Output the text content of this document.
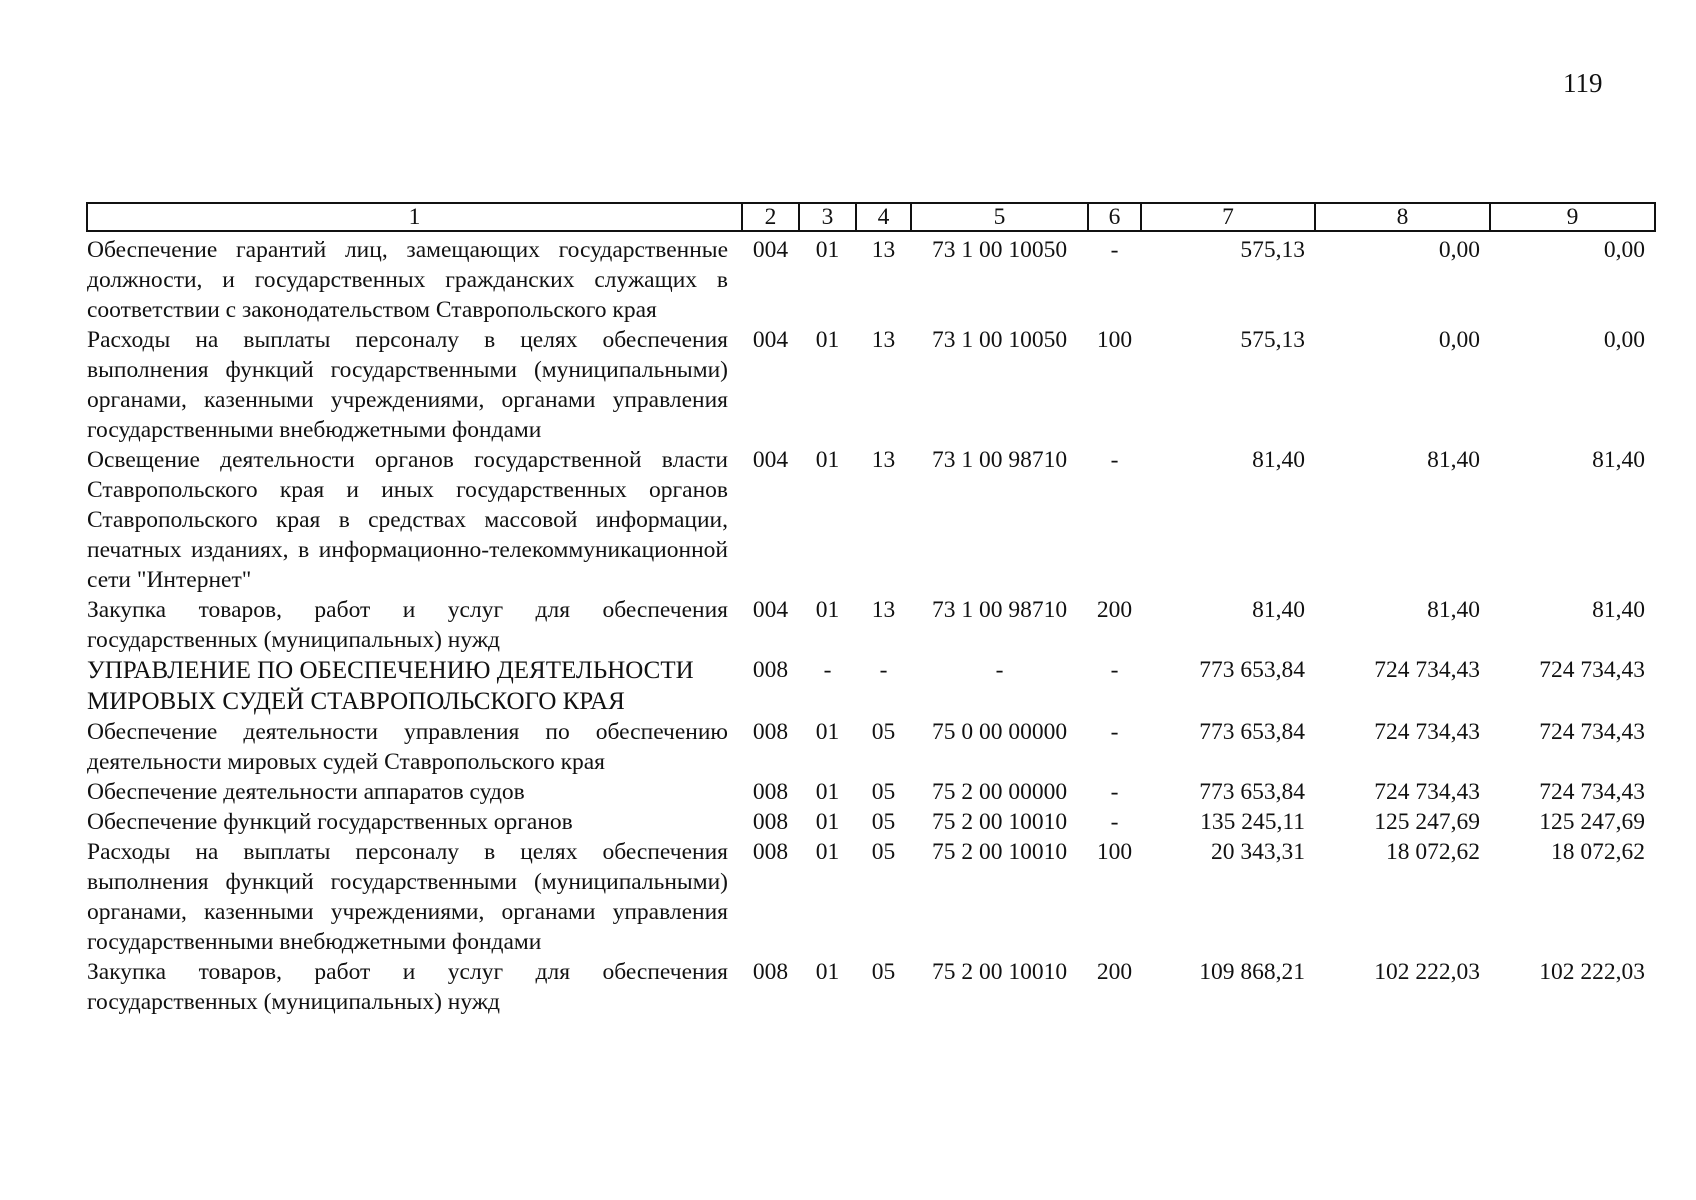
119
1	2	3	4	5	6	7	8	9
Обеспечение гарантий лиц, замещающих государственные должности, и государственных гражданских служащих в соответствии с законодательством Ставропольского края	004	01	13	73 1 00 10050	-	575,13	0,00	0,00
Расходы на выплаты персоналу в целях обеспечения выполнения функций государственными (муниципальными) органами, казенными учреждениями, органами управления государственными внебюджетными фондами	004	01	13	73 1 00 10050	100	575,13	0,00	0,00
Освещение деятельности органов государственной власти Ставропольского края и иных государственных органов Ставропольского края в средствах массовой информации, печатных изданиях, в информационно-телекоммуникационной сети "Интернет"	004	01	13	73 1 00 98710	-	81,40	81,40	81,40
Закупка товаров, работ и услуг для обеспечения государственных (муниципальных) нужд	004	01	13	73 1 00 98710	200	81,40	81,40	81,40
УПРАВЛЕНИЕ ПО ОБЕСПЕЧЕНИЮ ДЕЯТЕЛЬНОСТИ МИРОВЫХ СУДЕЙ СТАВРОПОЛЬСКОГО КРАЯ	008	-	-	-	-	773 653,84	724 734,43	724 734,43
Обеспечение деятельности управления по обеспечению деятельности мировых судей Ставропольского края	008	01	05	75 0 00 00000	-	773 653,84	724 734,43	724 734,43
Обеспечение деятельности аппаратов судов	008	01	05	75 2 00 00000	-	773 653,84	724 734,43	724 734,43
Обеспечение функций государственных органов	008	01	05	75 2 00 10010	-	135 245,11	125 247,69	125 247,69
Расходы на выплаты персоналу в целях обеспечения выполнения функций государственными (муниципальными) органами, казенными учреждениями, органами управления государственными внебюджетными фондами	008	01	05	75 2 00 10010	100	20 343,31	18 072,62	18 072,62
Закупка товаров, работ и услуг для обеспечения государственных (муниципальных) нужд	008	01	05	75 2 00 10010	200	109 868,21	102 222,03	102 222,03
